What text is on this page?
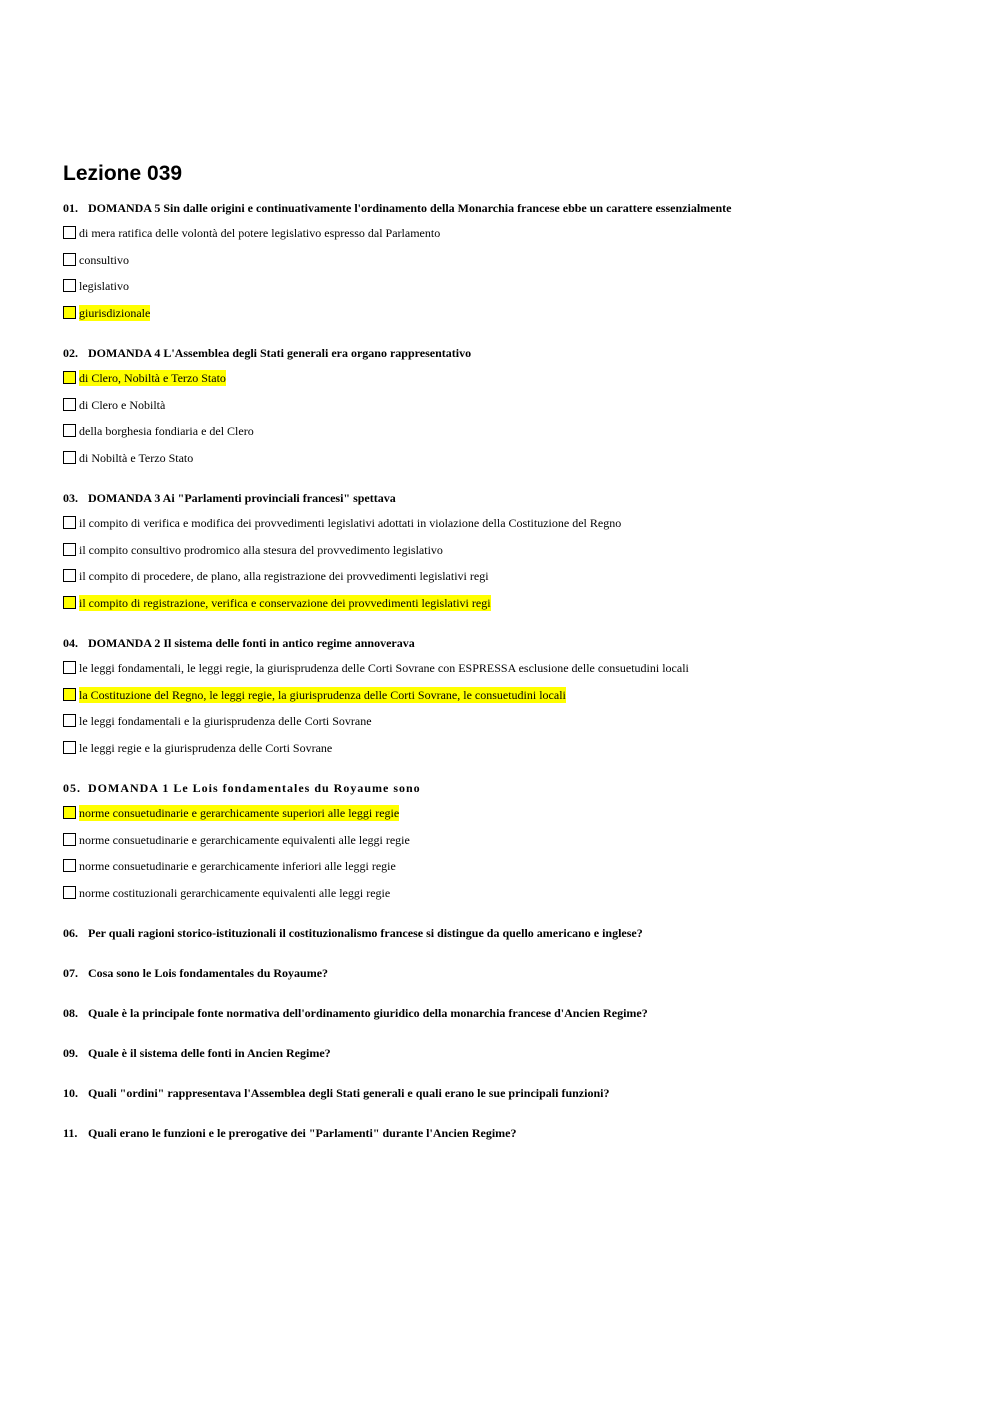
Lezione 039
01. DOMANDA 5 Sin dalle origini e continuativamente l'ordinamento della Monarchia francese ebbe un carattere essenzialmente
di mera ratifica delle volontà del potere legislativo espresso dal Parlamento
consultivo
legislativo
giurisdizionale
02. DOMANDA 4 L'Assemblea degli Stati generali era organo rappresentativo
di Clero, Nobiltà e Terzo Stato
di Clero e Nobiltà
della borghesia fondiaria e del Clero
di Nobiltà e Terzo Stato
03. DOMANDA 3 Ai "Parlamenti provinciali francesi" spettava
il compito di verifica e modifica dei provvedimenti legislativi adottati in violazione della Costituzione del Regno
il compito consultivo prodromico alla stesura del provvedimento legislativo
il compito di procedere, de plano, alla registrazione dei provvedimenti legislativi regi
il compito di registrazione, verifica e conservazione dei provvedimenti legislativi regi
04. DOMANDA 2 Il sistema delle fonti in antico regime annoverava
le leggi fondamentali, le leggi regie, la giurisprudenza delle Corti Sovrane con ESPRESSA esclusione delle consuetudini locali
la Costituzione del Regno, le leggi regie, la giurisprudenza delle Corti Sovrane, le consuetudini locali
le leggi fondamentali e la giurisprudenza delle Corti Sovrane
le leggi regie e la giurisprudenza delle Corti Sovrane
05. DOMANDA 1 Le Lois fondamentales du Royaume sono
norme consuetudinarie e gerarchicamente superiori alle leggi regie
norme consuetudinarie e gerarchicamente equivalenti alle leggi regie
norme consuetudinarie e gerarchicamente inferiori alle leggi regie
norme costituzionali gerarchicamente equivalenti alle leggi regie
06. Per quali ragioni storico-istituzionali il costituzionalismo francese si distingue da quello americano e inglese?
07. Cosa sono le Lois fondamentales du Royaume?
08. Quale è la principale fonte normativa dell'ordinamento giuridico della monarchia francese d'Ancien Regime?
09. Quale è il sistema delle fonti in Ancien Regime?
10. Quali "ordini" rappresentava l'Assemblea degli Stati generali e quali erano le sue principali funzioni?
11. Quali erano le funzioni e le prerogative dei "Parlamenti" durante l'Ancien Regime?
